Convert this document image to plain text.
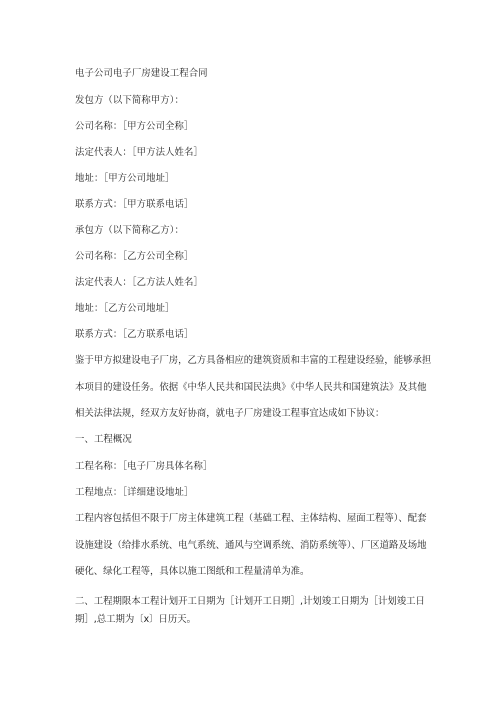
电子公司电子厂房建设工程合同
发包方（以下简称甲方）：
公司名称：［甲方公司全称］
法定代表人：［甲方法人姓名］
地址：［甲方公司地址］
联系方式：［甲方联系电话］
承包方（以下简称乙方）：
公司名称：［乙方公司全称］
法定代表人：［乙方法人姓名］
地址：［乙方公司地址］
联系方式：［乙方联系电话］
鉴于甲方拟建设电子厂房，乙方具备相应的建筑资质和丰富的工程建设经验，能够承担
本项目的建设任务。依据《中华人民共和国民法典》《中华人民共和国建筑法》及其他
相关法律法规，经双方友好协商，就电子厂房建设工程事宜达成如下协议：
一、工程概况
工程名称：［电子厂房具体名称］
工程地点：［详细建设地址］
工程内容包括但不限于厂房主体建筑工程（基础工程、主体结构、屋面工程等）、配套
设施建设（给排水系统、电气系统、通风与空调系统、消防系统等）、厂区道路及场地
硬化、绿化工程等，具体以施工图纸和工程量清单为准。
二、工程期限本工程计划开工日期为［计划开工日期］,计划竣工日期为［计划竣工日
期］,总工期为〔x〕日历天。
